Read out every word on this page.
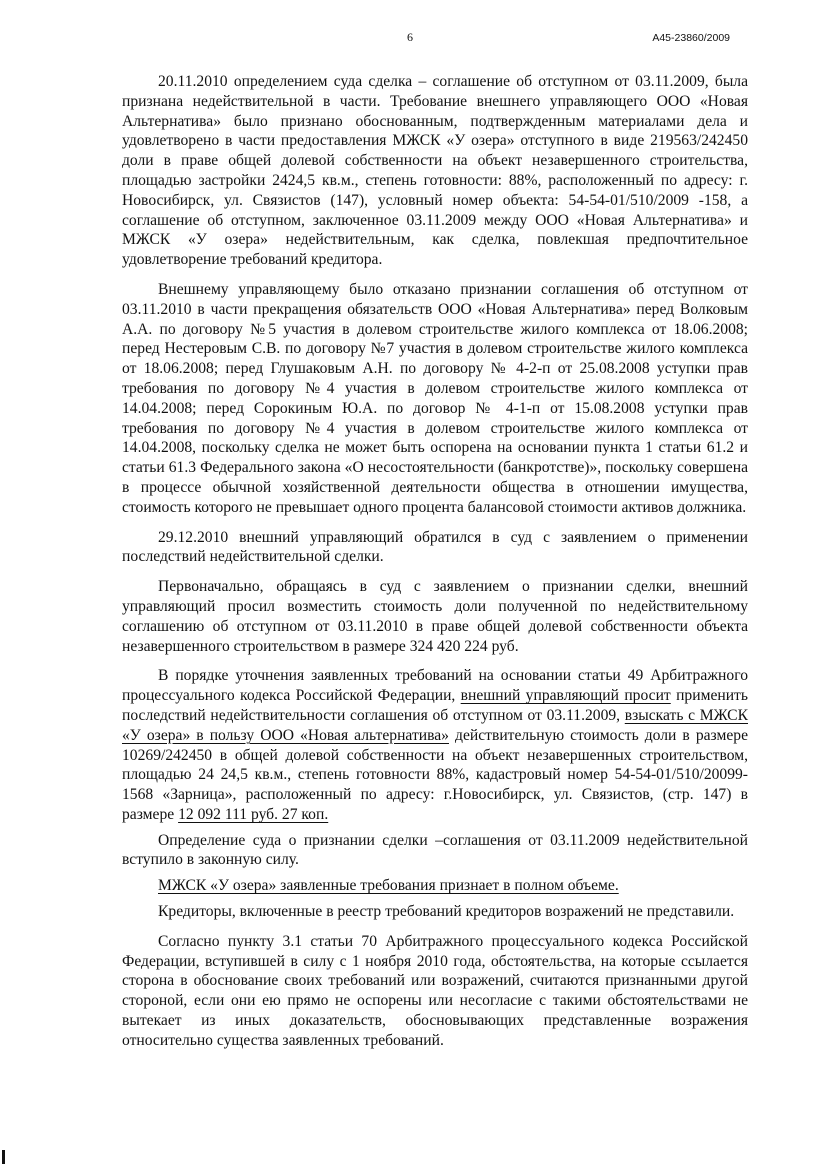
6	А45-23860/2009

20.11.2010 определением суда сделка – соглашение об отступном от 03.11.2009, была признана недействительной в части. Требование внешнего управляющего ООО «Новая Альтернатива» было признано обоснованным, подтвержденным материалами дела и удовлетворено в части предоставления МЖСК «У озера» отступного в виде 219563/242450 доли в праве общей долевой собственности на объект незавершенного строительства, площадью застройки 2424,5 кв.м., степень готовности: 88%, расположенный по адресу: г. Новосибирск, ул. Связистов (147), условный номер объекта: 54-54-01/510/2009 -158, а соглашение об отступном, заключенное 03.11.2009 между ООО «Новая Альтернатива» и МЖСК «У озера» недействительным, как сделка, повлекшая предпочтительное удовлетворение требований кредитора.

Внешнему управляющему было отказано признании соглашения об отступном от 03.11.2010 в части прекращения обязательств ООО «Новая Альтернатива» перед Волковым А.А. по договору №5 участия в долевом строительстве жилого комплекса от 18.06.2008; перед Нестеровым С.В. по договору №7 участия в долевом строительстве жилого комплекса от 18.06.2008; перед Глушаковым А.Н. по договору № 4-2-п от 25.08.2008 уступки прав требования по договору №4 участия в долевом строительстве жилого комплекса от 14.04.2008; перед Сорокиным Ю.А. по договор № 4-1-п от 15.08.2008 уступки прав требования по договору №4 участия в долевом строительстве жилого комплекса от 14.04.2008, поскольку сделка не может быть оспорена на основании пункта 1 статьи 61.2 и статьи 61.3 Федерального закона «О несостоятельности (банкротстве)», поскольку совершена в процессе обычной хозяйственной деятельности общества в отношении имущества, стоимость которого не превышает одного процента балансовой стоимости активов должника.

29.12.2010 внешний управляющий обратился в суд с заявлением о применении последствий недействительной сделки.

Первоначально, обращаясь в суд с заявлением о признании сделки, внешний управляющий просил возместить стоимость доли полученной по недействительному соглашению об отступном от 03.11.2010 в праве общей долевой собственности объекта незавершенного строительством в размере 324 420 224 руб.

В порядке уточнения заявленных требований на основании статьи 49 Арбитражного процессуального кодекса Российской Федерации, внешний управляющий просит применить последствий недействительности соглашения об отступном от 03.11.2009, взыскать с МЖСК «У озера» в пользу ООО «Новая альтернатива» действительную стоимость доли в размере 10269/242450 в общей долевой собственности на объект незавершенных строительством, площадью 24 24,5 кв.м., степень готовности 88%, кадастровый номер 54-54-01/510/20099-1568 «Зарница», расположенный по адресу: г.Новосибирск, ул. Связистов, (стр. 147) в размере 12 092 111 руб. 27 коп.

Определение суда о признании сделки –соглашения от 03.11.2009 недействительной вступило в законную силу.

МЖСК «У озера» заявленные требования признает в полном объеме.

Кредиторы, включенные в реестр требований кредиторов возражений не представили.

Согласно пункту 3.1 статьи 70 Арбитражного процессуального кодекса Российской Федерации, вступившей в силу с 1 ноября 2010 года, обстоятельства, на которые ссылается сторона в обоснование своих требований или возражений, считаются признанными другой стороной, если они ею прямо не оспорены или несогласие с такими обстоятельствами не вытекает из иных доказательств, обосновывающих представленные возражения относительно существа заявленных требований.
